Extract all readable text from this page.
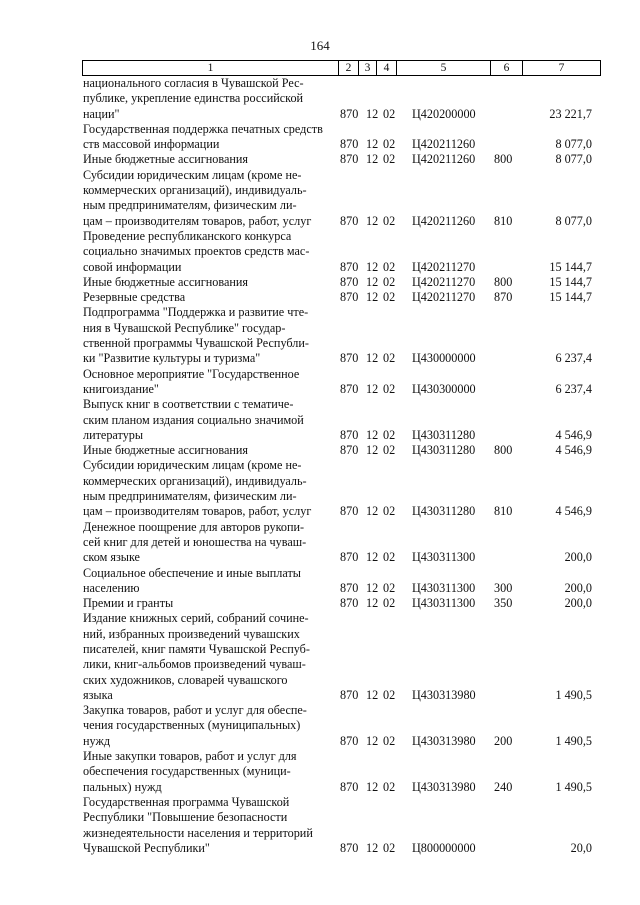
164
1	2	3	4	5	6	7
национального согласия в Чувашской Рес-
публике, укрепление единства российской
нации"	870 12 02 Ц420200000	23 221,7
Государственная поддержка печатных средств
ств массовой информации	870 12 02 Ц420211260	8 077,0
Иные бюджетные ассигнования	870 12 02 Ц420211260 800	8 077,0
Субсидии юридическим лицам (кроме не-
коммерческих организаций), индивидуаль-
ным предпринимателям, физическим ли-
цам – производителям товаров, работ, услуг	870 12 02 Ц420211260 810	8 077,0
Проведение республиканского конкурса
социально значимых проектов средств мас-
совой информации	870 12 02 Ц420211270	15 144,7
Иные бюджетные ассигнования	870 12 02 Ц420211270 800	15 144,7
Резервные средства	870 12 02 Ц420211270 870	15 144,7
Подпрограмма "Поддержка и развитие чте-
ния в Чувашской Республике" государ-
ственной программы Чувашской Республи-
ки "Развитие культуры и туризма"	870 12 02 Ц430000000	6 237,4
Основное мероприятие "Государственное
книгоиздание"	870 12 02 Ц430300000	6 237,4
Выпуск книг в соответствии с тематиче-
ским планом издания социально значимой
литературы	870 12 02 Ц430311280	4 546,9
Иные бюджетные ассигнования	870 12 02 Ц430311280 800	4 546,9
Субсидии юридическим лицам (кроме не-
коммерческих организаций), индивидуаль-
ным предпринимателям, физическим ли-
цам – производителям товаров, работ, услуг	870 12 02 Ц430311280 810	4 546,9
Денежное поощрение для авторов рукопи-
сей книг для детей и юношества на чуваш-
ском языке	870 12 02 Ц430311300	200,0
Социальное обеспечение и иные выплаты
населению	870 12 02 Ц430311300 300	200,0
Премии и гранты	870 12 02 Ц430311300 350	200,0
Издание книжных серий, собраний сочине-
ний, избранных произведений чувашских
писателей, книг памяти Чувашской Респуб-
лики, книг-альбомов произведений чуваш-
ских художников, словарей чувашского
языка	870 12 02 Ц430313980	1 490,5
Закупка товаров, работ и услуг для обеспе-
чения государственных (муниципальных)
нужд	870 12 02 Ц430313980 200	1 490,5
Иные закупки товаров, работ и услуг для
обеспечения государственных (муници-
пальных) нужд	870 12 02 Ц430313980 240	1 490,5
Государственная программа Чувашской
Республики "Повышение безопасности
жизнедеятельности населения и территорий
Чувашской Республики"	870 12 02 Ц800000000	20,0
